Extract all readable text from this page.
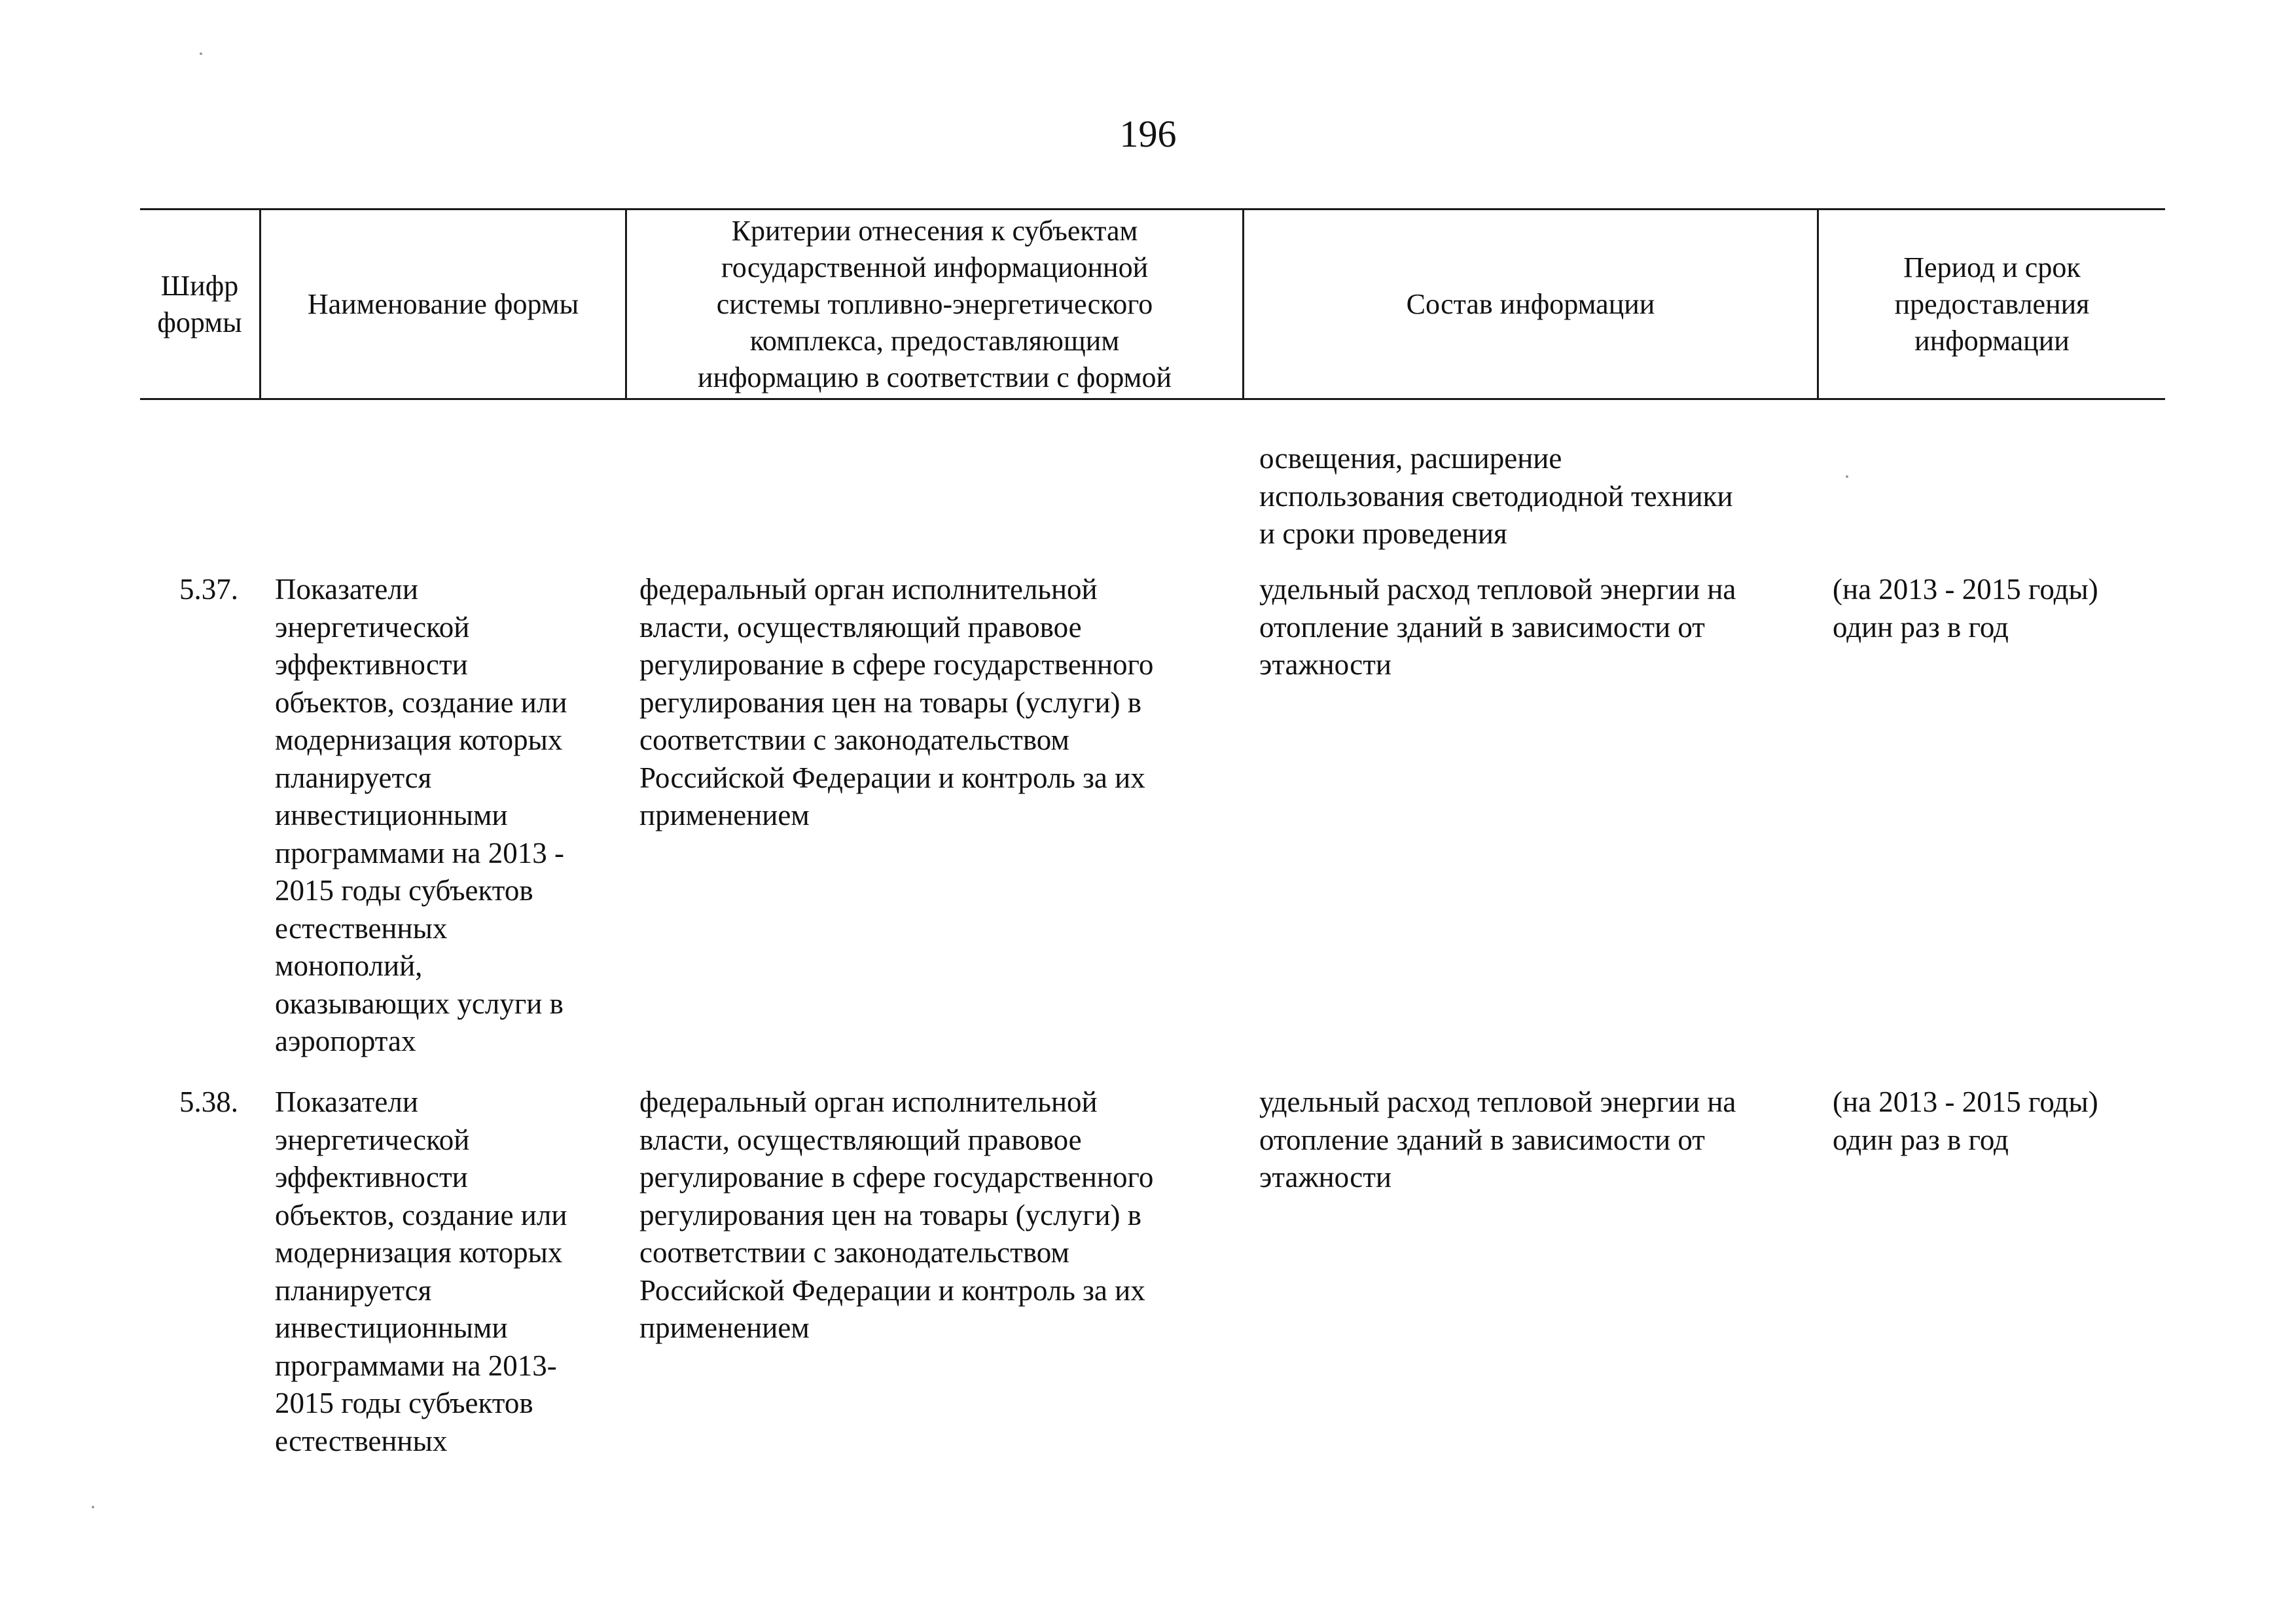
196
Шифр
формы
Наименование формы
Критерии отнесения к субъектам
государственной информационной
системы топливно-энергетического
комплекса, предоставляющим
информацию в соответствии с формой
Состав информации
Период и срок
предоставления
информации
освещения, расширение
использования светодиодной техники
и сроки проведения
5.37. Показатели
энергетической
эффективности
объектов, создание или
модернизация которых
планируется
инвестиционными
программами на 2013 -
2015 годы субъектов
естественных
монополий,
оказывающих услуги в
аэропортах
федеральный орган исполнительной
власти, осуществляющий правовое
регулирование в сфере государственного
регулирования цен на товары (услуги) в
соответствии с законодательством
Российской Федерации и контроль за их
применением
удельный расход тепловой энергии на
отопление зданий в зависимости от
этажности
(на 2013 - 2015 годы)
один раз в год
5.38. Показатели
энергетической
эффективности
объектов, создание или
модернизация которых
планируется
инвестиционными
программами на 2013-
2015 годы субъектов
естественных
федеральный орган исполнительной
власти, осуществляющий правовое
регулирование в сфере государственного
регулирования цен на товары (услуги) в
соответствии с законодательством
Российской Федерации и контроль за их
применением
удельный расход тепловой энергии на
отопление зданий в зависимости от
этажности
(на 2013 - 2015 годы)
один раз в год
